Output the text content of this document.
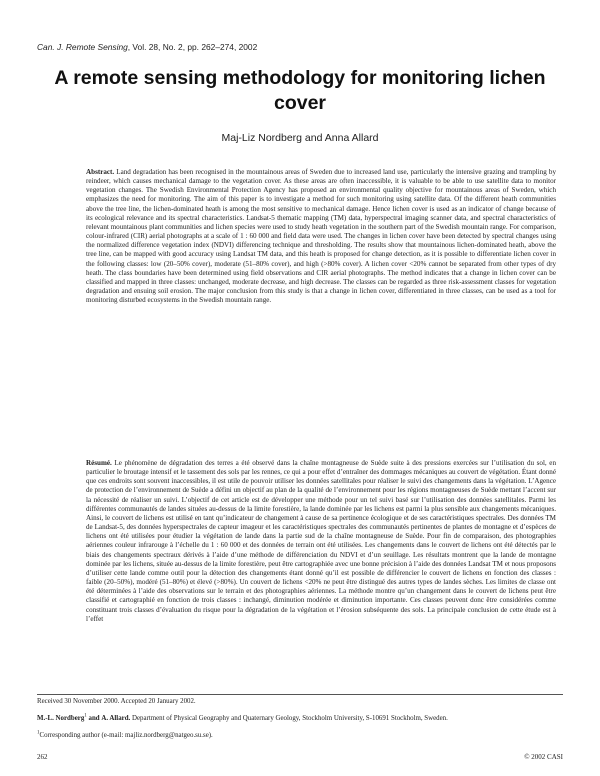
Can. J. Remote Sensing, Vol. 28, No. 2, pp. 262–274, 2002
A remote sensing methodology for monitoring lichen cover
Maj-Liz Nordberg and Anna Allard
Abstract. Land degradation has been recognised in the mountainous areas of Sweden due to increased land use, particularly the intensive grazing and trampling by reindeer, which causes mechanical damage to the vegetation cover. As these areas are often inaccessible, it is valuable to be able to use satellite data to monitor vegetation changes. The Swedish Environmental Protection Agency has proposed an environmental quality objective for mountainous areas of Sweden, which emphasizes the need for monitoring. The aim of this paper is to investigate a method for such monitoring using satellite data. Of the different heath communities above the tree line, the lichen-dominated heath is among the most sensitive to mechanical damage. Hence lichen cover is used as an indicator of change because of its ecological relevance and its spectral characteristics. Landsat-5 thematic mapping (TM) data, hyperspectral imaging scanner data, and spectral characteristics of relevant mountainous plant communities and lichen species were used to study heath vegetation in the southern part of the Swedish mountain range. For comparison, colour-infrared (CIR) aerial photographs at a scale of 1 : 60 000 and field data were used. The changes in lichen cover have been detected by spectral changes using the normalized difference vegetation index (NDVI) differencing technique and thresholding. The results show that mountainous lichen-dominated heath, above the tree line, can be mapped with good accuracy using Landsat TM data, and this heath is proposed for change detection, as it is possible to differentiate lichen cover in the following classes: low (20–50% cover), moderate (51–80% cover), and high (>80% cover). A lichen cover <20% cannot be separated from other types of dry heath. The class boundaries have been determined using field observations and CIR aerial photographs. The method indicates that a change in lichen cover can be classified and mapped in three classes: unchanged, moderate decrease, and high decrease. The classes can be regarded as three risk-assessment classes for vegetation degradation and ensuing soil erosion. The major conclusion from this study is that a change in lichen cover, differentiated in three classes, can be used as a tool for monitoring disturbed ecosystems in the Swedish mountain range.
Résumé. Le phénomène de dégradation des terres a été observé dans la chaîne montagneuse de Suède suite à des pressions exercées sur l’utilisation du sol, en particulier le broutage intensif et le tassement des sols par les rennes, ce qui a pour effet d’entraîner des dommages mécaniques au couvert de végétation. Étant donné que ces endroits sont souvent inaccessibles, il est utile de pouvoir utiliser les données satellitales pour réaliser le suivi des changements dans la végétation. L’Agence de protection de l’environnement de Suède a défini un objectif au plan de la qualité de l’environnement pour les régions montagneuses de Suède mettant l’accent sur la nécessité de réaliser un suivi. L’objectif de cet article est de développer une méthode pour un tel suivi basé sur l’utilisation des données satellitales. Parmi les différentes communautés de landes situées au-dessus de la limite forestière, la lande dominée par les lichens est parmi la plus sensible aux changements mécaniques. Ainsi, le couvert de lichens est utilisé en tant qu’indicateur de changement à cause de sa pertinence écologique et de ses caractéristiques spectrales. Des données TM de Landsat-5, des données hyperspectrales de capteur imageur et les caractéristiques spectrales des communautés pertinentes de plantes de montagne et d’espèces de lichens ont été utilisées pour étudier la végétation de lande dans la partie sud de la chaîne montagneuse de Suède. Pour fin de comparaison, des photographies aériennes couleur infrarouge à l’échelle du 1 : 60 000 et des données de terrain ont été utilisées. Les changements dans le couvert de lichens ont été détectés par le biais des changements spectraux dérivés à l’aide d’une méthode de différenciation du NDVI et d’un seuillage. Les résultats montrent que la lande de montagne dominée par les lichens, située au-dessus de la limite forestière, peut être cartographiée avec une bonne précision à l’aide des données Landsat TM et nous proposons d’utiliser cette lande comme outil pour la détection des changements étant donné qu’il est possible de différencier le couvert de lichens en fonction des classes : faible (20–50%), modéré (51–80%) et élevé (>80%). Un couvert de lichens <20% ne peut être distingué des autres types de landes sèches. Les limites de classe ont été déterminées à l’aide des observations sur le terrain et des photographies aériennes. La méthode montre qu’un changement dans le couvert de lichens peut être classifié et cartographié en fonction de trois classes : inchangé, diminution modérée et diminution importante. Ces classes peuvent donc être considérées comme constituant trois classes d’évaluation du risque pour la dégradation de la végétation et l’érosion subséquente des sols. La principale conclusion de cette étude est à l’effet
Received 30 November 2000. Accepted 20 January 2002.
M.-L. Nordberg$^1$ and A. Allard. Department of Physical Geography and Quaternary Geology, Stockholm University, S-10691 Stockholm, Sweden.
$^1$Corresponding author (e-mail: majliz.nordberg@natgeo.su.se).
262	© 2002 CASI
